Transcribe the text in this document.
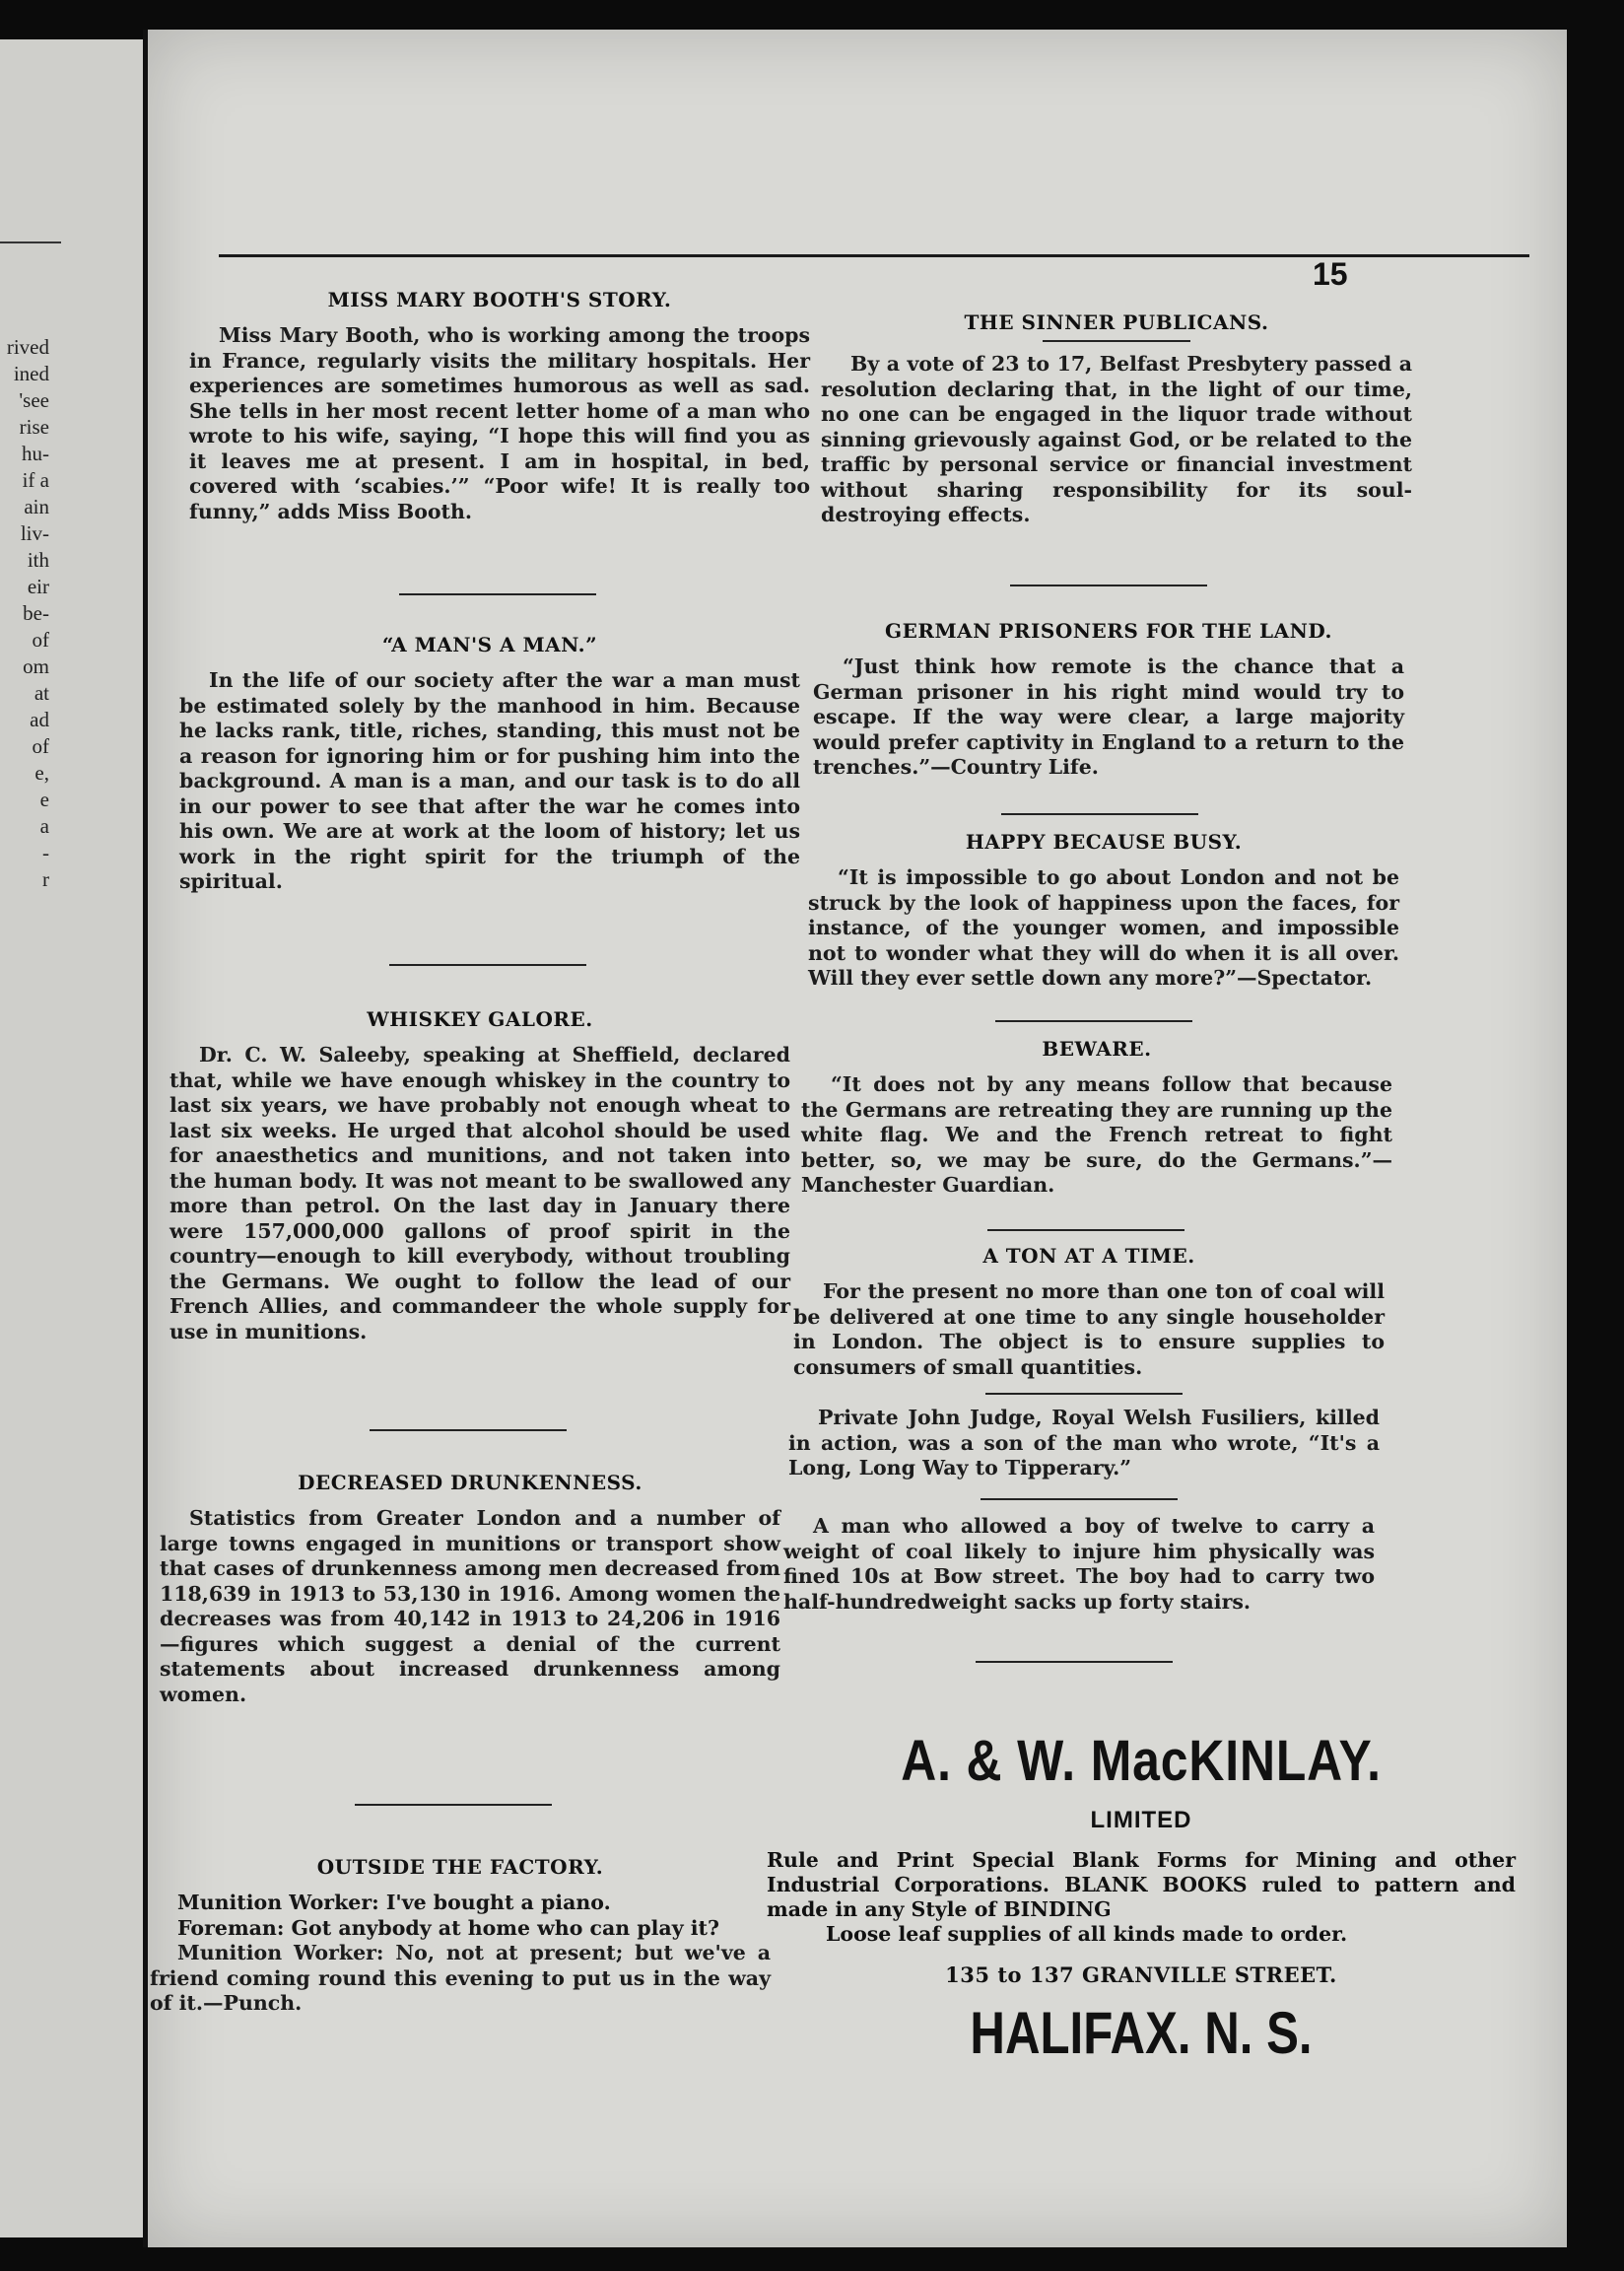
rived
ined
'see
rise
hu-
if a
ain
liv-
ith
eir
be-
of
om
at
ad
of
e,
e
a
-
r
15
MISS MARY BOOTH'S STORY.

Miss Mary Booth, who is working among the troops in France, regularly visits the military hospitals. Her experiences are sometimes humorous as well as sad. She tells in her most recent letter home of a man who wrote to his wife, saying, “I hope this will find you as it leaves me at present. I am in hospital, in bed, covered with ‘scabies.’” “Poor wife! It is really too funny,” adds Miss Booth.

“A MAN'S A MAN.”

In the life of our society after the war a man must be estimated solely by the manhood in him. Because he lacks rank, title, riches, standing, this must not be a reason for ignoring him or for pushing him into the background. A man is a man, and our task is to do all in our power to see that after the war he comes into his own. We are at work at the loom of history; let us work in the right spirit for the triumph of the spiritual.

WHISKEY GALORE.

Dr. C. W. Saleeby, speaking at Sheffield, declared that, while we have enough whiskey in the country to last six years, we have probably not enough wheat to last six weeks. He urged that alcohol should be used for anaesthetics and munitions, and not taken into the human body. It was not meant to be swallowed any more than petrol. On the last day in January there were 157,000,000 gallons of proof spirit in the country—enough to kill everybody, without troubling the Germans. We ought to follow the lead of our French Allies, and commandeer the whole supply for use in munitions.

DECREASED DRUNKENNESS.

Statistics from Greater London and a number of large towns engaged in munitions or transport show that cases of drunkenness among men decreased from 118,639 in 1913 to 53,130 in 1916. Among women the decreases was from 40,142 in 1913 to 24,206 in 1916—figures which suggest a denial of the current statements about increased drunkenness among women.

OUTSIDE THE FACTORY.
Munition Worker: I've bought a piano.
Foreman: Got anybody at home who can play it?

Munition Worker: No, not at present; but we've a friend coming round this evening to put us in the way of it.—Punch.

THE SINNER PUBLICANS.

By a vote of 23 to 17, Belfast Presbytery passed a resolution declaring that, in the light of our time, no one can be engaged in the liquor trade without sinning grievously against God, or be related to the traffic by personal service or financial investment without sharing responsibility for its soul-destroying effects.

GERMAN PRISONERS FOR THE LAND.

“Just think how remote is the chance that a German prisoner in his right mind would try to escape. If the way were clear, a large majority would prefer captivity in England to a return to the trenches.”—Country Life.

HAPPY BECAUSE BUSY.

“It is impossible to go about London and not be struck by the look of happiness upon the faces, for instance, of the younger women, and impossible not to wonder what they will do when it is all over. Will they ever settle down any more?”—Spectator.

BEWARE.

“It does not by any means follow that because the Germans are retreating they are running up the white flag. We and the French retreat to fight better, so, we may be sure, do the Germans.”—Manchester Guardian.

A TON AT A TIME.

For the present no more than one ton of coal will be delivered at one time to any single householder in London. The object is to ensure supplies to consumers of small quantities.

Private John Judge, Royal Welsh Fusiliers, killed in action, was a son of the man who wrote, “It's a Long, Long Way to Tipperary.”

A man who allowed a boy of twelve to carry a weight of coal likely to injure him physically was fined 10s at Bow street. The boy had to carry two half-hundredweight sacks up forty stairs.

A. & W. MacKINLAY.
LIMITED
Rule and Print Special Blank Forms for Mining and other Industrial Corporations. BLANK BOOKS ruled to pattern and made in any Style of BINDING
Loose leaf supplies of all kinds made to order.
135 to 137 GRANVILLE STREET.
HALIFAX. N. S.
